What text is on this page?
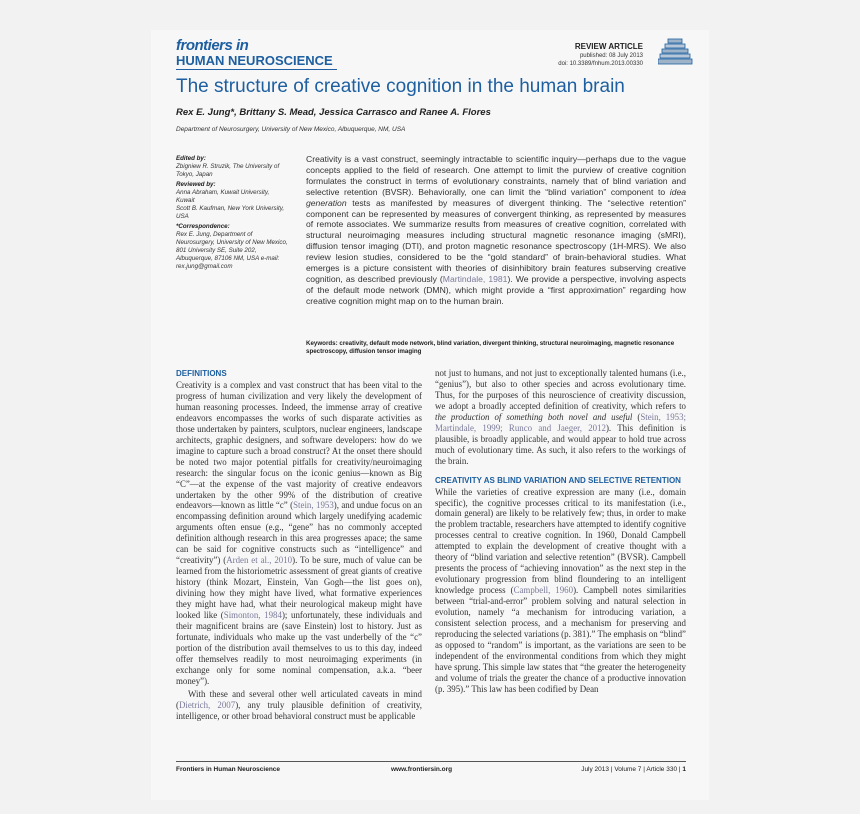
frontiers in
HUMAN NEUROSCIENCE
REVIEW ARTICLE
published: 08 July 2013
doi: 10.3389/fnhum.2013.00330
The structure of creative cognition in the human brain
Rex E. Jung*, Brittany S. Mead, Jessica Carrasco and Ranee A. Flores
Department of Neurosurgery, University of New Mexico, Albuquerque, NM, USA
Edited by:
Zbigniew R. Struzik, The University of Tokyo, Japan
Reviewed by:
Anna Abraham, Kuwait University, Kuwait
Scott B. Kaufman, New York University, USA
*Correspondence:
Rex E. Jung, Department of Neurosurgery, University of New Mexico, 801 University SE, Suite 202, Albuquerque, 87106 NM, USA e-mail: rex.jung@gmail.com
Creativity is a vast construct, seemingly intractable to scientific inquiry—perhaps due to the vague concepts applied to the field of research. One attempt to limit the purview of creative cognition formulates the construct in terms of evolutionary constraints, namely that of blind variation and selective retention (BVSR). Behaviorally, one can limit the “blind variation” component to idea generation tests as manifested by measures of divergent thinking. The “selective retention” component can be represented by measures of convergent thinking, as represented by measures of remote associates. We summarize results from measures of creative cognition, correlated with structural neuroimaging measures including structural magnetic resonance imaging (sMRI), diffusion tensor imaging (DTI), and proton magnetic resonance spectroscopy (1H-MRS). We also review lesion studies, considered to be the “gold standard” of brain-behavioral studies. What emerges is a picture consistent with theories of disinhibitory brain features subserving creative cognition, as described previously (Martindale, 1981). We provide a perspective, involving aspects of the default mode network (DMN), which might provide a “first approximation” regarding how creative cognition might map on to the human brain.
Keywords: creativity, default mode network, blind variation, divergent thinking, structural neuroimaging, magnetic resonance spectroscopy, diffusion tensor imaging
DEFINITIONS
Creativity is a complex and vast construct that has been vital to the progress of human civilization and very likely the development of human reasoning processes. Indeed, the immense array of creative endeavors encompasses the works of such disparate activities as those undertaken by painters, sculptors, nuclear engineers, landscape architects, graphic designers, and software developers: how do we imagine to capture such a broad construct? At the onset there should be noted two major potential pitfalls for creativity/neuroimaging research: the singular focus on the iconic genius—known as Big “C”—at the expense of the vast majority of creative endeavors undertaken by the other 99% of the distribution of creative endeavors—known as little “c” (Stein, 1953), and undue focus on an encompassing definition around which largely unedifying academic arguments often ensue (e.g., “gene” has no commonly accepted definition although research in this area progresses apace; the same can be said for cognitive constructs such as “intelligence” and “creativity”) (Arden et al., 2010). To be sure, much of value can be learned from the historiometric assessment of great giants of creative history (think Mozart, Einstein, Van Gogh—the list goes on), divining how they might have lived, what formative experiences they might have had, what their neurological makeup might have looked like (Simonton, 1984); unfortunately, these individuals and their magnificent brains are (save Einstein) lost to history. Just as fortunate, individuals who make up the vast underbelly of the “c” portion of the distribution avail themselves to us to this day, indeed offer themselves readily to most neuroimaging experiments (in exchange only for some nominal compensation, a.k.a. “beer money”).
With these and several other well articulated caveats in mind (Dietrich, 2007), any truly plausible definition of creativity, intelligence, or other broad behavioral construct must be applicable
not just to humans, and not just to exceptionally talented humans (i.e., “genius”), but also to other species and across evolutionary time. Thus, for the purposes of this neuroscience of creativity discussion, we adopt a broadly accepted definition of creativity, which refers to the production of something both novel and useful (Stein, 1953; Martindale, 1999; Runco and Jaeger, 2012). This definition is plausible, is broadly applicable, and would appear to hold true across much of evolutionary time. As such, it also refers to the workings of the brain.
CREATIVITY AS BLIND VARIATION AND SELECTIVE RETENTION
While the varieties of creative expression are many (i.e., domain specific), the cognitive processes critical to its manifestation (i.e., domain general) are likely to be relatively few; thus, in order to make the problem tractable, researchers have attempted to identify cognitive processes central to creative cognition. In 1960, Donald Campbell attempted to explain the development of creative thought with a theory of “blind variation and selective retention” (BVSR). Campbell presents the process of “achieving innovation” as the next step in the evolutionary progression from blind floundering to an intelligent knowledge process (Campbell, 1960). Campbell notes similarities between “trial-and-error” problem solving and natural selection in evolution, namely “a mechanism for introducing variation, a consistent selection process, and a mechanism for preserving and reproducing the selected variations (p. 381).” The emphasis on “blind” as opposed to “random” is important, as the variations are seen to be independent of the environmental conditions from which they might have sprung. This simple law states that “the greater the heterogeneity and volume of trials the greater the chance of a productive innovation (p. 395).” This law has been codified by Dean
Frontiers in Human Neuroscience	www.frontiersin.org	July 2013 | Volume 7 | Article 330 | 1
